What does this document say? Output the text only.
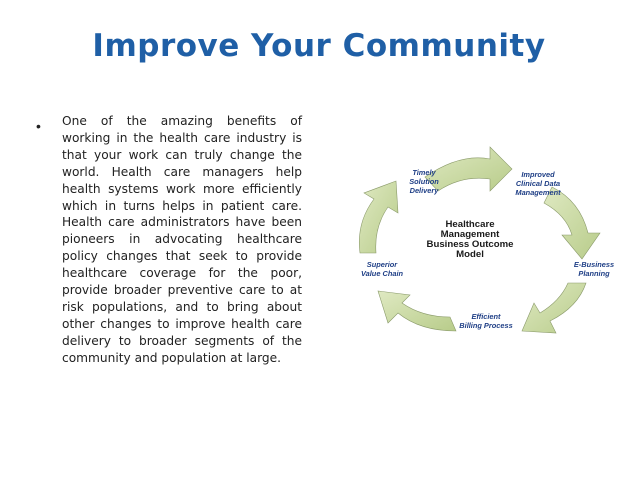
Improve Your Community
• One of the amazing benefits of working in the health care industry is that your work can truly change the world. Health care managers help health systems work more efficiently which in turns helps in patient care. Health care administrators have been pioneers in advocating healthcare policy changes that seek to provide healthcare coverage for the poor, provide broader preventive care to at risk populations, and to bring about other changes to improve health care delivery to broader segments of the community and population at large.

Healthcare
Management
Business Outcome
Model
Timely
Solution
Delivery
Improved
Clinical Data
Management
E-Business
Planning
Efficient
Billing Process
Superior
Value Chain
